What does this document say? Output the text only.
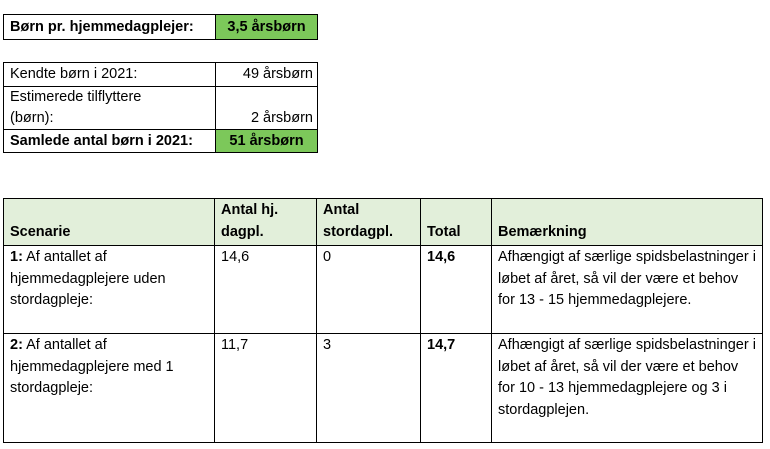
Børn pr. hjemmedagplejer:	3,5 årsbørn
Kendte børn i 2021:	49 årsbørn
Estimerede tilflyttere (børn):	2 årsbørn
Samlede antal børn i 2021:	51 årsbørn
Scenarie	Antal hj. dagpl.	Antal stordagpl.	Total	Bemærkning
1: Af antallet af hjemmedagplejere uden stordagpleje:	14,6	0	14,6	Afhængigt af særlige spidsbelastninger i løbet af året, så vil der være et behov for 13 - 15 hjemmedagplejere.
2: Af antallet af hjemmedagplejere med 1 stordagpleje:	11,7	3	14,7	Afhængigt af særlige spidsbelastninger i løbet af året, så vil der være et behov for 10 - 13 hjemmedagplejere og 3 i stordagplejen.
